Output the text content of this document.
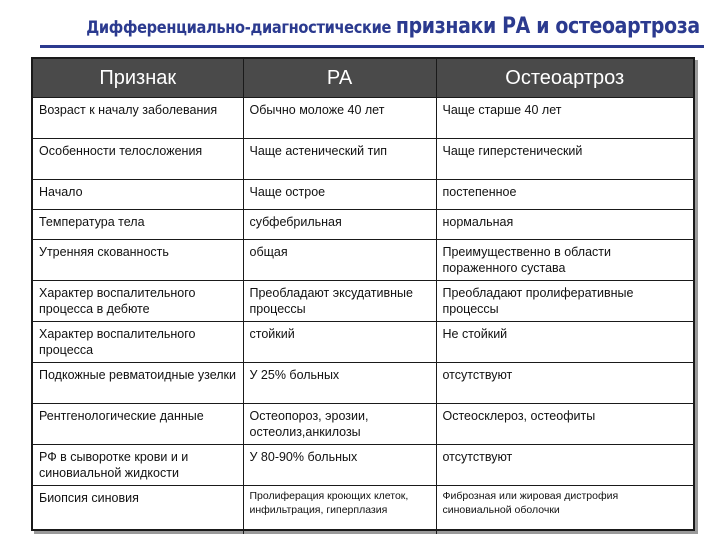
Дифференциально-диагностические признаки РА и остеоартроза
Признак	РА	Остеоартроз
Возраст к началу заболевания	Обычно моложе 40 лет	Чаще старше 40 лет
Особенности телосложения	Чаще астенический тип	Чаще гиперстенический
Начало	Чаще острое	постепенное
Температура тела	субфебрильная	нормальная
Утренняя скованность	общая	Преимущественно в области пораженного сустава
Характер воспалительного процесса в дебюте	Преобладают эксудативные процессы	Преобладают пролиферативные процессы
Характер воспалительного процесса	стойкий	Не стойкий
Подкожные ревматоидные узелки	У 25% больных	отсутствуют
Рентгенологические данные	Остеопороз, эрозии, остеолиз,анкилозы	Остеосклероз, остеофиты
РФ в сыворотке крови и и синовиальной жидкости	У 80-90% больных	отсутствуют
Биопсия синовия	Пролиферация кроющих клеток, инфильтрация, гиперплазия	Фиброзная или жировая дистрофия синовиальной оболочки
